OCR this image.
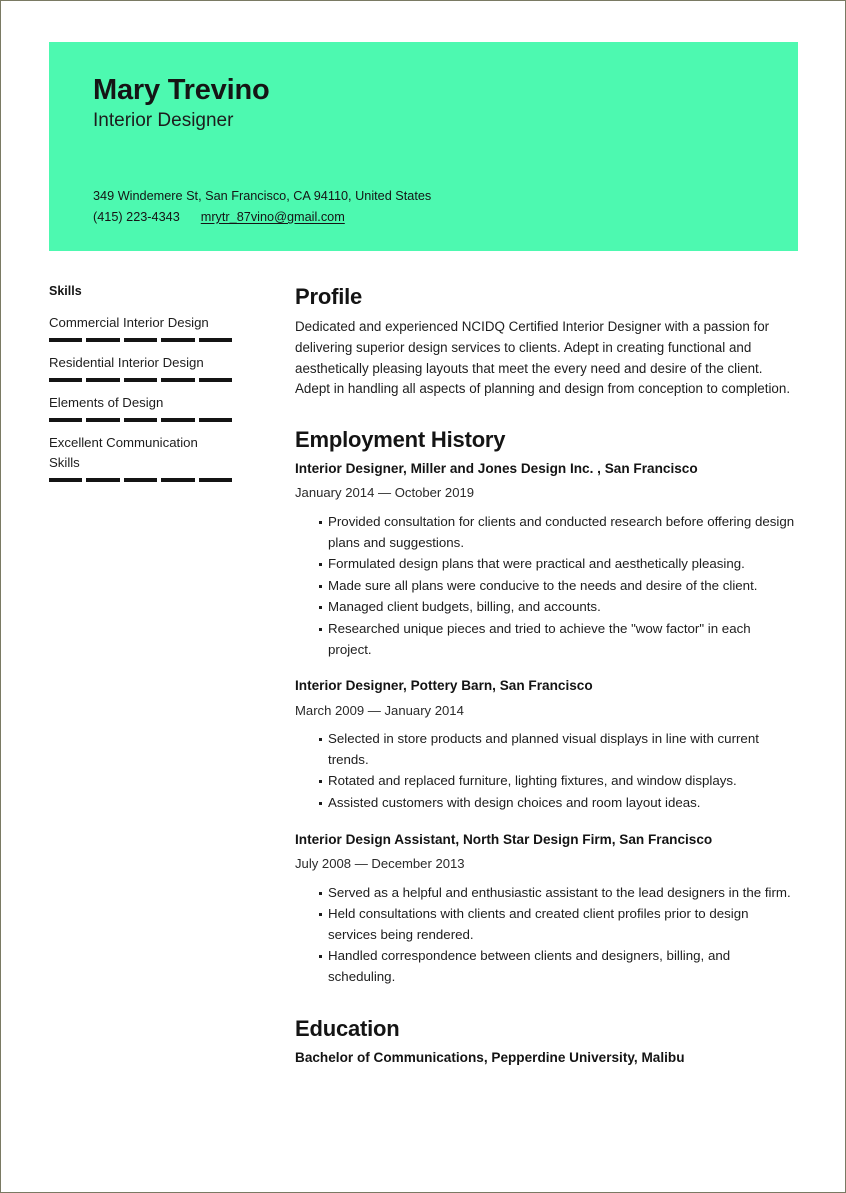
Mary Trevino
Interior Designer
349 Windemere St, San Francisco, CA 94110, United States
(415) 223-4343 mrytr_87vino@gmail.com
Skills
Commercial Interior Design
Residential Interior Design
Elements of Design
Excellent Communication Skills
Profile

Dedicated and experienced NCIDQ Certified Interior Designer with a passion for delivering superior design services to clients. Adept in creating functional and aesthetically pleasing layouts that meet the every need and desire of the client. Adept in handling all aspects of planning and design from conception to completion.

Employment History
Interior Designer, Miller and Jones Design Inc. , San Francisco
January 2014 — October 2019
Provided consultation for clients and conducted research before offering design plans and suggestions.
Formulated design plans that were practical and aesthetically pleasing.
Made sure all plans were conducive to the needs and desire of the client.
Managed client budgets, billing, and accounts.
Researched unique pieces and tried to achieve the "wow factor" in each project.
Interior Designer, Pottery Barn, San Francisco
March 2009 — January 2014
Selected in store products and planned visual displays in line with current trends.
Rotated and replaced furniture, lighting fixtures, and window displays.
Assisted customers with design choices and room layout ideas.
Interior Design Assistant, North Star Design Firm, San Francisco
July 2008 — December 2013
Served as a helpful and enthusiastic assistant to the lead designers in the firm.
Held consultations with clients and created client profiles prior to design services being rendered.
Handled correspondence between clients and designers, billing, and scheduling.
Education
Bachelor of Communications, Pepperdine University, Malibu
